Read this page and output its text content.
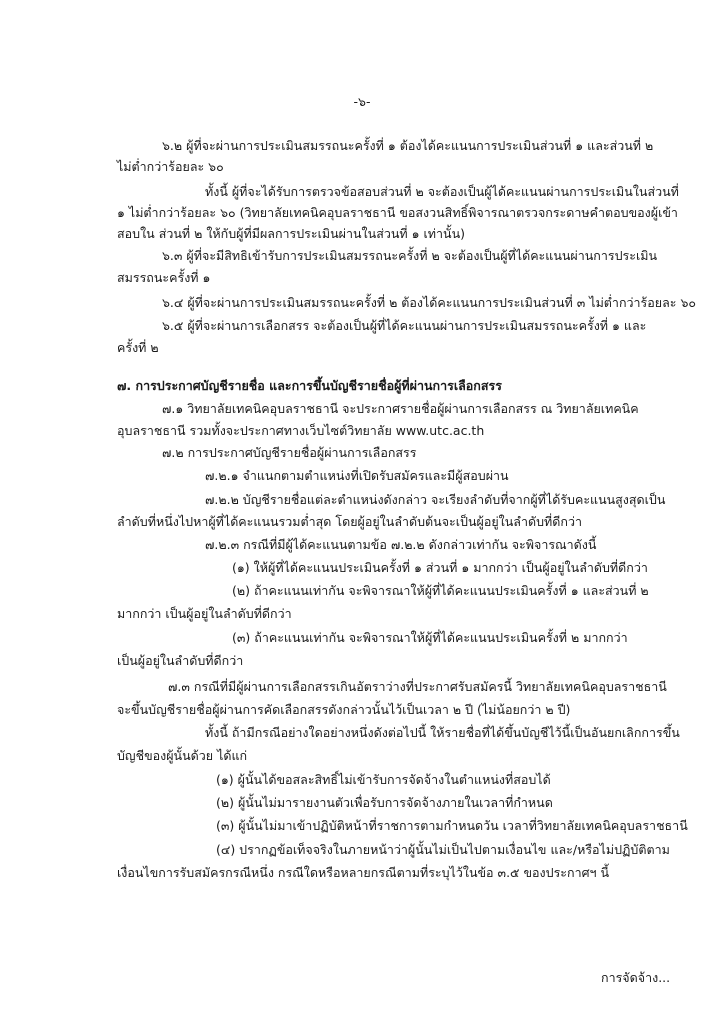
-๖-
๖.๒ ผู้ที่จะผ่านการประเมินสมรรถนะครั้งที่ ๑ ต้องได้คะแนนการประเมินส่วนที่ ๑ และส่วนที่ ๒
ไม่ต่ำกว่าร้อยละ ๖๐
ทั้งนี้ ผู้ที่จะได้รับการตรวจข้อสอบส่วนที่ ๒ จะต้องเป็นผู้ได้คะแนนผ่านการประเมินในส่วนที่
๑ ไม่ต่ำกว่าร้อยละ ๖๐ (วิทยาลัยเทคนิคอุบลราชธานี ขอสงวนสิทธิ์พิจารณาตรวจกระดาษคำตอบของผู้เข้า
สอบใน ส่วนที่ ๒ ให้กับผู้ที่มีผลการประเมินผ่านในส่วนที่ ๑ เท่านั้น)
๖.๓ ผู้ที่จะมีสิทธิเข้ารับการประเมินสมรรถนะครั้งที่ ๒ จะต้องเป็นผู้ที่ได้คะแนนผ่านการประเมิน
สมรรถนะครั้งที่ ๑
๖.๔ ผู้ที่จะผ่านการประเมินสมรรถนะครั้งที่ ๒ ต้องได้คะแนนการประเมินส่วนที่ ๓ ไม่ต่ำกว่าร้อยละ ๖๐
๖.๕ ผู้ที่จะผ่านการเลือกสรร จะต้องเป็นผู้ที่ได้คะแนนผ่านการประเมินสมรรถนะครั้งที่ ๑ และ
ครั้งที่ ๒
๗. การประกาศบัญชีรายชื่อ และการขึ้นบัญชีรายชื่อผู้ที่ผ่านการเลือกสรร
๗.๑ วิทยาลัยเทคนิคอุบลราชธานี จะประกาศรายชื่อผู้ผ่านการเลือกสรร ณ วิทยาลัยเทคนิค
อุบลราชธานี รวมทั้งจะประกาศทางเว็บไซต์วิทยาลัย www.utc.ac.th
๗.๒ การประกาศบัญชีรายชื่อผู้ผ่านการเลือกสรร
๗.๒.๑ จำแนกตามตำแหน่งที่เปิดรับสมัครและมีผู้สอบผ่าน
๗.๒.๒ บัญชีรายชื่อแต่ละตำแหน่งดังกล่าว จะเรียงลำดับที่จากผู้ที่ได้รับคะแนนสูงสุดเป็น
ลำดับที่หนึ่งไปหาผู้ที่ได้คะแนนรวมต่ำสุด โดยผู้อยู่ในลำดับต้นจะเป็นผู้อยู่ในลำดับที่ดีกว่า
๗.๒.๓ กรณีที่มีผู้ได้คะแนนตามข้อ ๗.๒.๒ ดังกล่าวเท่ากัน จะพิจารณาดังนี้
(๑) ให้ผู้ที่ได้คะแนนประเมินครั้งที่ ๑ ส่วนที่ ๑ มากกว่า เป็นผู้อยู่ในลำดับที่ดีกว่า
(๒) ถ้าคะแนนเท่ากัน จะพิจารณาให้ผู้ที่ได้คะแนนประเมินครั้งที่ ๑ และส่วนที่ ๒
มากกว่า เป็นผู้อยู่ในลำดับที่ดีกว่า
(๓) ถ้าคะแนนเท่ากัน จะพิจารณาให้ผู้ที่ได้คะแนนประเมินครั้งที่ ๒ มากกว่า
เป็นผู้อยู่ในลำดับที่ดีกว่า
๗.๓ กรณีที่มีผู้ผ่านการเลือกสรรเกินอัตราว่างที่ประกาศรับสมัครนี้ วิทยาลัยเทคนิคอุบลราชธานี
จะขึ้นบัญชีรายชื่อผู้ผ่านการคัดเลือกสรรดังกล่าวนั้นไว้เป็นเวลา ๒ ปี (ไม่น้อยกว่า ๒ ปี)
ทั้งนี้ ถ้ามีกรณีอย่างใดอย่างหนึ่งดังต่อไปนี้ ให้รายชื่อที่ได้ขึ้นบัญชีไว้นี้เป็นอันยกเลิกการขึ้น
บัญชีของผู้นั้นด้วย ได้แก่
(๑) ผู้นั้นได้ขอสละสิทธิ์ไม่เข้ารับการจัดจ้างในตำแหน่งที่สอบได้
(๒) ผู้นั้นไม่มารายงานตัวเพื่อรับการจัดจ้างภายในเวลาที่กำหนด
(๓) ผู้นั้นไม่มาเข้าปฏิบัติหน้าที่ราชการตามกำหนดวัน เวลาที่วิทยาลัยเทคนิคอุบลราชธานี
(๔) ปรากฏข้อเท็จจริงในภายหน้าว่าผู้นั้นไม่เป็นไปตามเงื่อนไข และ/หรือไม่ปฏิบัติตาม
เงื่อนไขการรับสมัครกรณีหนึ่ง กรณีใดหรือหลายกรณีตามที่ระบุไว้ในข้อ ๓.๕ ของประกาศฯ นี้
การจัดจ้าง...
